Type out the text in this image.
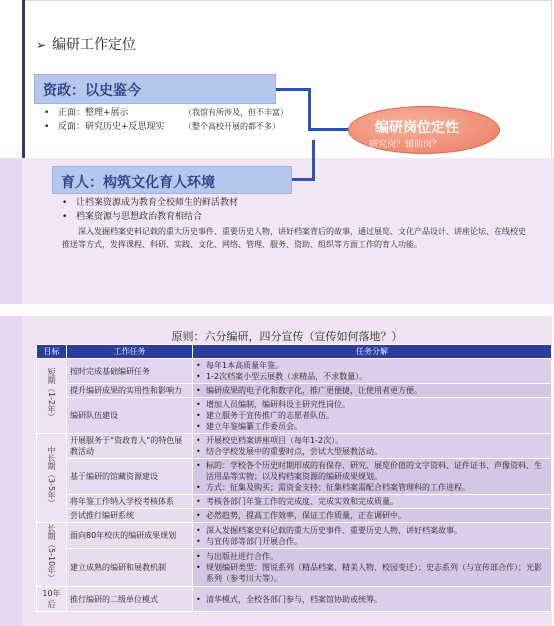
➢ 编研工作定位
资政：以史鉴今
• 正面：整理+展示	（我馆有所涉及，但不丰富）
• 反面：研究历史+反思现实 （整个高校开展的都不多）	编研岗位定性
研究岗？辅助岗？
育人：构筑文化育人环境
• 让档案资源成为教育全校师生的鲜活教材
• 档案资源与思想政治教育相结合

深入发掘档案史料记载的重大历史事件、重要历史人物，讲好档案背后的故事，通过展览、文化产品设计、讲座论坛、在线校史推送等方式，发挥课程、科研、实践、文化、网络、管理、服务、资助、组织等方面工作的育人功能。

原则：六分编研，四分宣传（宣传如何落地？）
目标	工作任务	任务分解
短期（1-2年）	按时完成基础编研任务	• 每年1本高质量年鉴。
• 1-2次档案小型云展教（求精品，不求数量）。

	提升编研成果的实用性和影响力	• 编研成果的电子化和数字化，推广更便捷，让使用者更方便。

	编研队伍建设	• 增加人员编制，编研科设主研究性岗位。
• 建立服务于宣传推广的志愿者队伍。
• 建立年鉴编纂工作委员会。

中长期（3-5年）	开展服务于“资政育人”的特色展教活动	• 开展校史档案讲座项目（每年1-2次）。
• 结合学校发展中的重要时点，尝试大型展教活动。

	基于编研的馆藏资源建设	• 标的：学校各个历史时期形成的有保存、研究、展览价值的文字资料、证件证书、声像资料、生活用品等实物；以及构档案资源的编研成果规划。
• 方式：征集及购买；需资金支持；征集档案需配合档案管理科的工作进程。

	将年鉴工作纳入学校考核体系	• 考核各部门年鉴工作的完成度、完成实效和完成质量。

	尝试推行编研系统	• 必然趋势，提高工作效率，保证工作质量，正在调研中。

长期（5-10年）	面向80年校庆的编研成果规划	• 深入发掘档案史料记载的重大历史事件、重要历史人物，讲好档案故事。
• 与宣传部等部门开展合作。

	建立成熟的编研和展教机制	• 与出版社进行合作。
• 规划编研类型：图说系列（精品档案、精美人物、校园变迁）；史志系列（与宣传部合作）；光影系列（参考川大等）。

10年后	推行编研的二级单位模式	• 清华模式，全校各部门参与，档案馆协助或统筹。
